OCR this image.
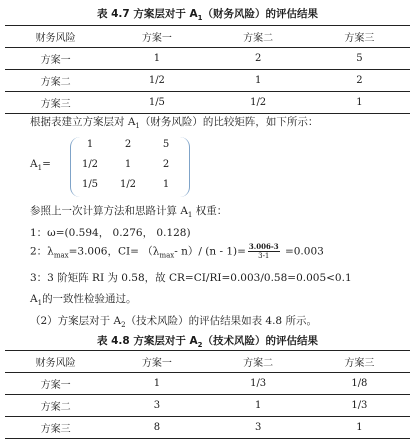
表 4.7 方案层对于 $A_1$（财务风险）的评估结果
财务风险	方案一	方案二	方案三
方案一	1	2	5
方案二	1/2	1	2
方案三	1/5	1/2	1
根据表建立方案层对 $A_1$（财务风险）的比较矩阵，如下所示：
$A_1=$
1	2	5
1/2	1	2
1/5	1/2	1
参照上一次计算方法和思路计算 $A_1$ 权重：
1：ω=(0.594， 0.276， 0.128)
2：$\lambda_{max}=3.006$，$CI= (\lambda_{max}-$ n）/ $(n - 1)= \frac{3.006-3}{3-1} =0.003$
3：3 阶矩阵 RI 为 0.58，故 CR=CI/RI=0.003/0.58=0.005<0.1
$A_1$的一致性检验通过。
（2）方案层对于 $A_2$（技术风险）的评估结果如表 4.8 所示。
表 4.8 方案层对于 $A_2$（技术风险）的评估结果
财务风险	方案一	方案二	方案三
方案一	1	1/3	1/8
方案二	3	1	1/3
方案三	8	3	1
